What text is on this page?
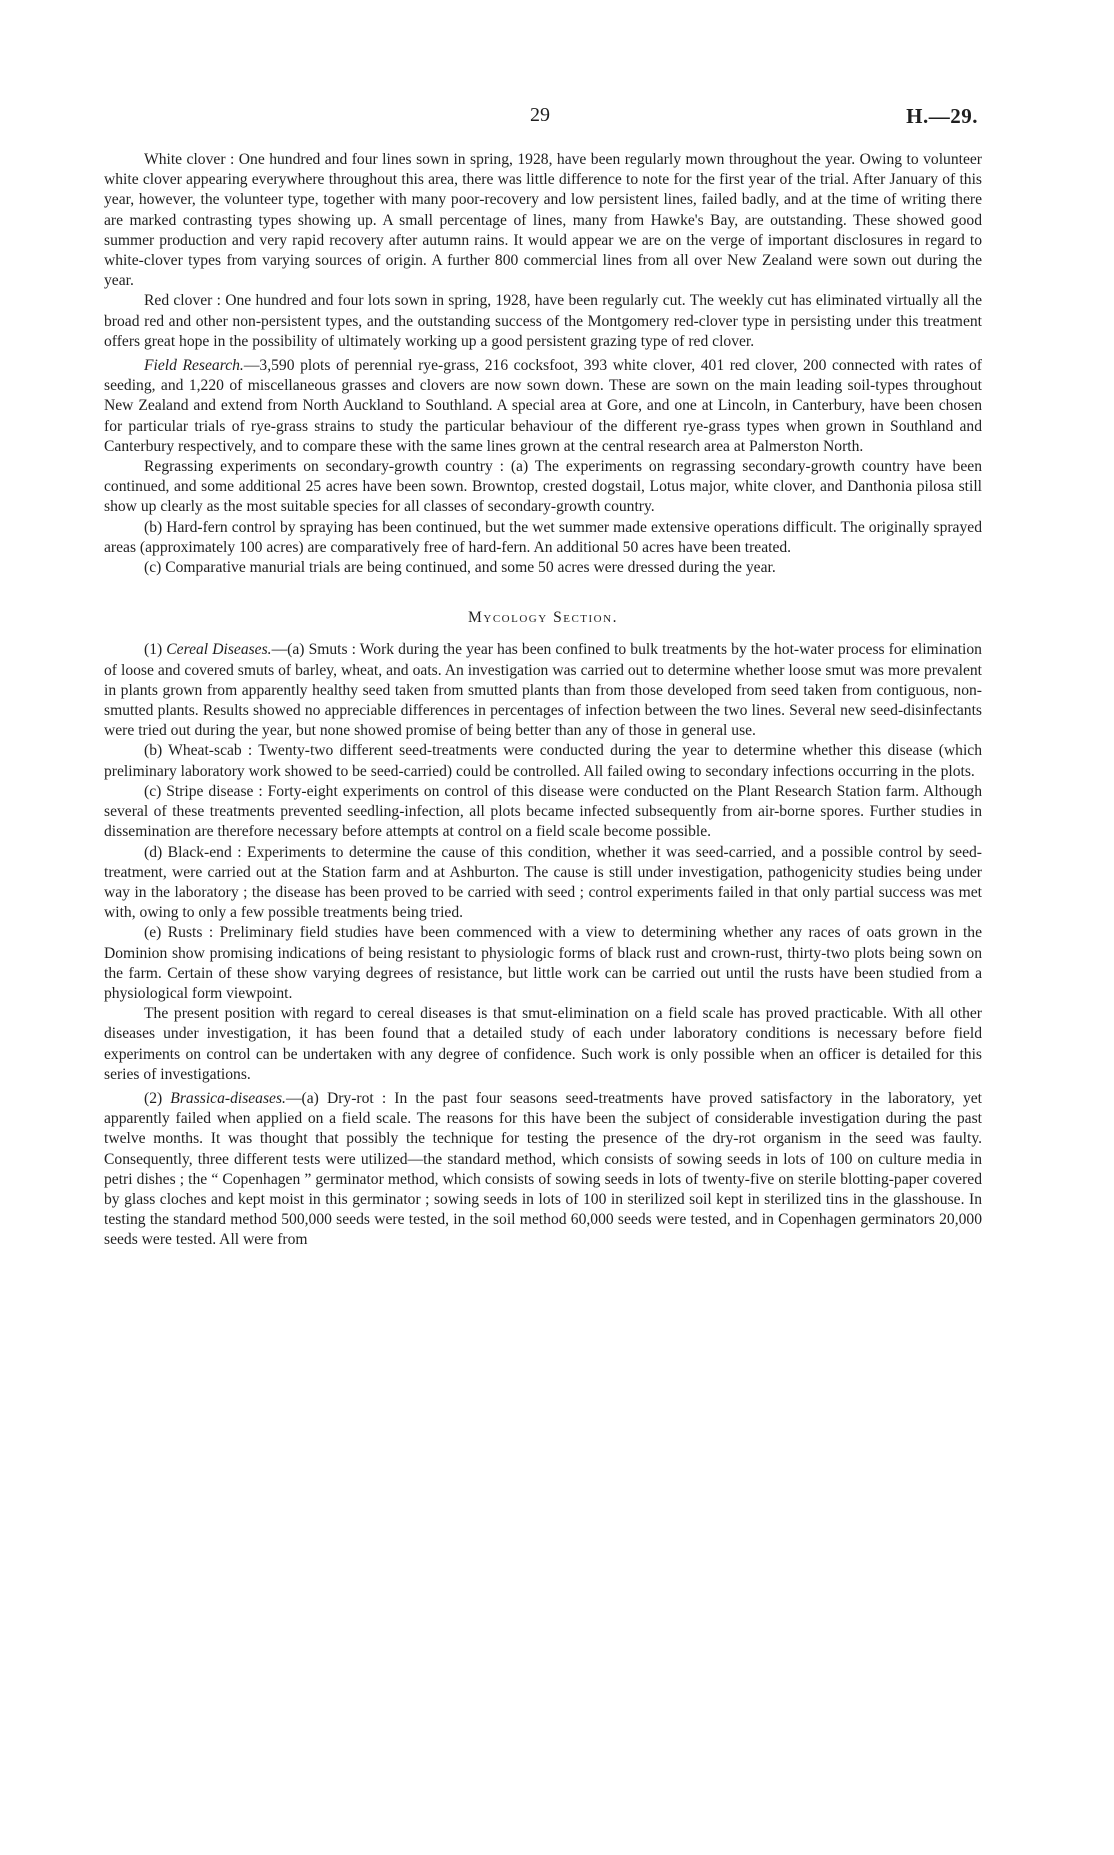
29	H.—29.

White clover : One hundred and four lines sown in spring, 1928, have been regularly mown throughout the year. Owing to volunteer white clover appearing everywhere throughout this area, there was little difference to note for the first year of the trial. After January of this year, however, the volunteer type, together with many poor-recovery and low persistent lines, failed badly, and at the time of writing there are marked contrasting types showing up. A small percentage of lines, many from Hawke's Bay, are outstanding. These showed good summer production and very rapid recovery after autumn rains. It would appear we are on the verge of important disclosures in regard to white-clover types from varying sources of origin. A further 800 commercial lines from all over New Zealand were sown out during the year.

Red clover : One hundred and four lots sown in spring, 1928, have been regularly cut. The weekly cut has eliminated virtually all the broad red and other non-persistent types, and the outstanding success of the Montgomery red-clover type in persisting under this treatment offers great hope in the possibility of ultimately working up a good persistent grazing type of red clover.

Field Research.—3,590 plots of perennial rye-grass, 216 cocksfoot, 393 white clover, 401 red clover, 200 connected with rates of seeding, and 1,220 of miscellaneous grasses and clovers are now sown down. These are sown on the main leading soil-types throughout New Zealand and extend from North Auckland to Southland. A special area at Gore, and one at Lincoln, in Canterbury, have been chosen for particular trials of rye-grass strains to study the particular behaviour of the different rye-grass types when grown in Southland and Canterbury respectively, and to compare these with the same lines grown at the central research area at Palmerston North.

Regrassing experiments on secondary-growth country : (a) The experiments on regrassing secondary-growth country have been continued, and some additional 25 acres have been sown. Browntop, crested dogstail, Lotus major, white clover, and Danthonia pilosa still show up clearly as the most suitable species for all classes of secondary-growth country.

(b) Hard-fern control by spraying has been continued, but the wet summer made extensive operations difficult. The originally sprayed areas (approximately 100 acres) are comparatively free of hard-fern. An additional 50 acres have been treated.

(c) Comparative manurial trials are being continued, and some 50 acres were dressed during the year.

Mycology Section.

(1) Cereal Diseases.—(a) Smuts : Work during the year has been confined to bulk treatments by the hot-water process for elimination of loose and covered smuts of barley, wheat, and oats. An investigation was carried out to determine whether loose smut was more prevalent in plants grown from apparently healthy seed taken from smutted plants than from those developed from seed taken from contiguous, non-smutted plants. Results showed no appreciable differences in percentages of infection between the two lines. Several new seed-disinfectants were tried out during the year, but none showed promise of being better than any of those in general use.

(b) Wheat-scab : Twenty-two different seed-treatments were conducted during the year to determine whether this disease (which preliminary laboratory work showed to be seed-carried) could be controlled. All failed owing to secondary infections occurring in the plots.

(c) Stripe disease : Forty-eight experiments on control of this disease were conducted on the Plant Research Station farm. Although several of these treatments prevented seedling-infection, all plots became infected subsequently from air-borne spores. Further studies in dissemination are therefore necessary before attempts at control on a field scale become possible.

(d) Black-end : Experiments to determine the cause of this condition, whether it was seed-carried, and a possible control by seed-treatment, were carried out at the Station farm and at Ashburton. The cause is still under investigation, pathogenicity studies being under way in the laboratory ; the disease has been proved to be carried with seed ; control experiments failed in that only partial success was met with, owing to only a few possible treatments being tried.

(e) Rusts : Preliminary field studies have been commenced with a view to determining whether any races of oats grown in the Dominion show promising indications of being resistant to physiologic forms of black rust and crown-rust, thirty-two plots being sown on the farm. Certain of these show varying degrees of resistance, but little work can be carried out until the rusts have been studied from a physiological form viewpoint.

The present position with regard to cereal diseases is that smut-elimination on a field scale has proved practicable. With all other diseases under investigation, it has been found that a detailed study of each under laboratory conditions is necessary before field experiments on control can be undertaken with any degree of confidence. Such work is only possible when an officer is detailed for this series of investigations.

(2) Brassica-diseases.—(a) Dry-rot : In the past four seasons seed-treatments have proved satisfactory in the laboratory, yet apparently failed when applied on a field scale. The reasons for this have been the subject of considerable investigation during the past twelve months. It was thought that possibly the technique for testing the presence of the dry-rot organism in the seed was faulty. Consequently, three different tests were utilized—the standard method, which consists of sowing seeds in lots of 100 on culture media in petri dishes ; the “ Copenhagen ” germinator method, which consists of sowing seeds in lots of twenty-five on sterile blotting-paper covered by glass cloches and kept moist in this germinator ; sowing seeds in lots of 100 in sterilized soil kept in sterilized tins in the glasshouse. In testing the standard method 500,000 seeds were tested, in the soil method 60,000 seeds were tested, and in Copenhagen germinators 20,000 seeds were tested. All were from
